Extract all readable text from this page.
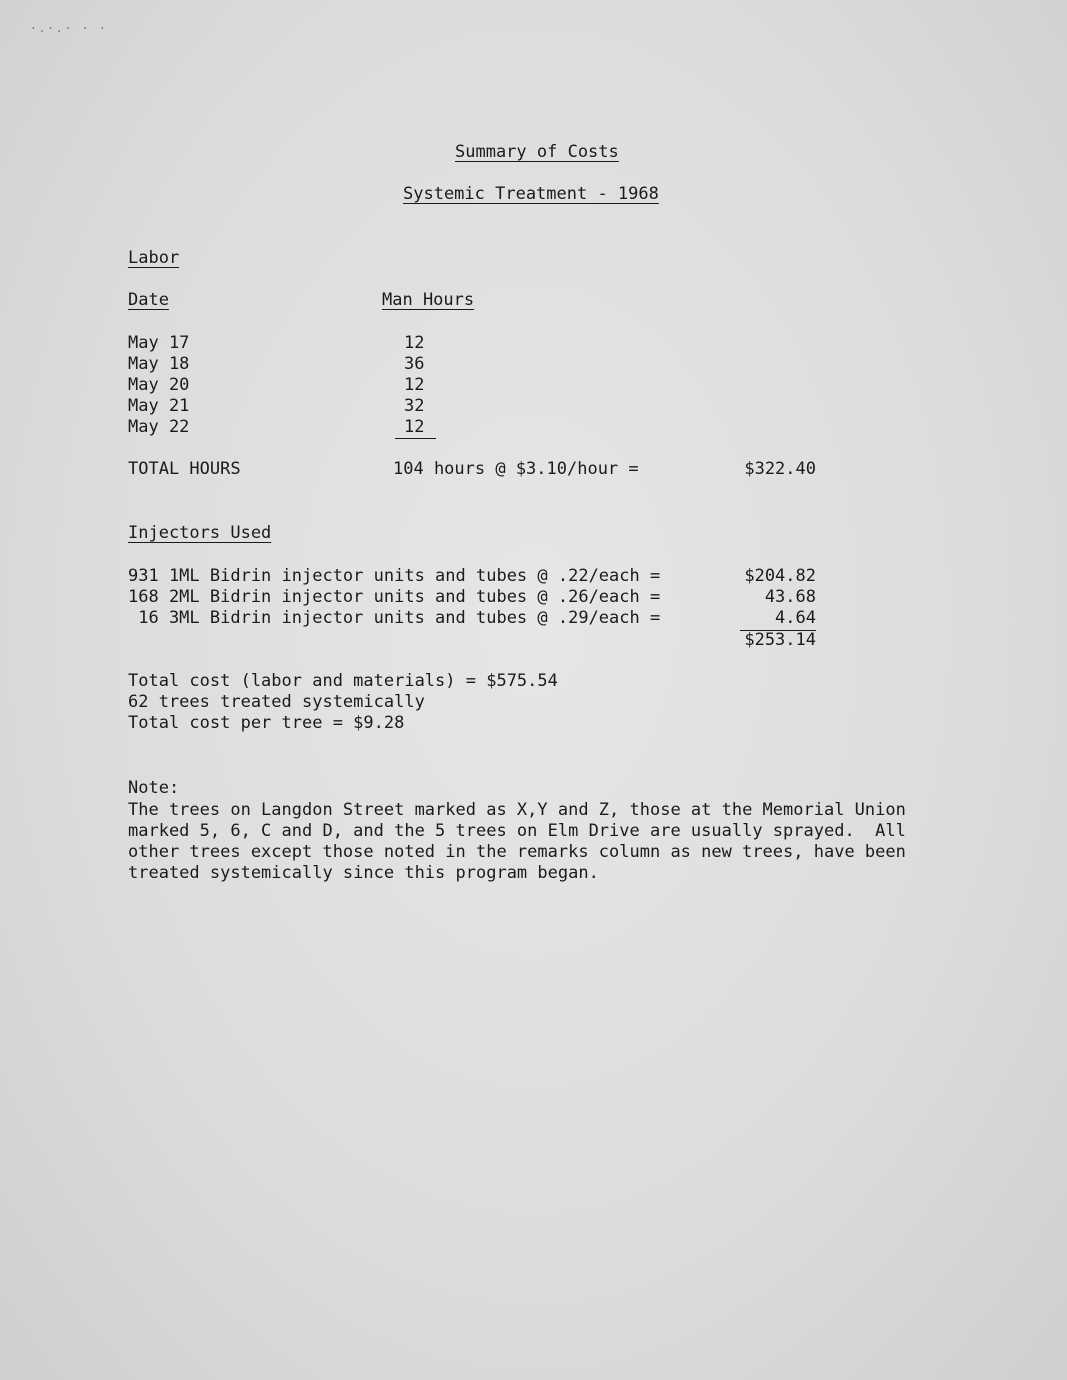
·.·.· · ·
Summary of Costs
Systemic Treatment - 1968
Labor
Date	Man Hours
May 17	12
May 18	36
May 20	12
May 21	32
May 22	12
TOTAL HOURS	104 hours @ $3.10/hour =	$322.40
Injectors Used
931 1ML Bidrin injector units and tubes @ .22/each =	$204.82
168 2ML Bidrin injector units and tubes @ .26/each =	43.68
16 3ML Bidrin injector units and tubes @ .29/each =	4.64
$253.14
Total cost (labor and materials) = $575.54
62 trees treated systemically
Total cost per tree = $9.28
Note:
The trees on Langdon Street marked as X,Y and Z, those at the Memorial Union
marked 5, 6, C and D, and the 5 trees on Elm Drive are usually sprayed.  All
other trees except those noted in the remarks column as new trees, have been
treated systemically since this program began.
